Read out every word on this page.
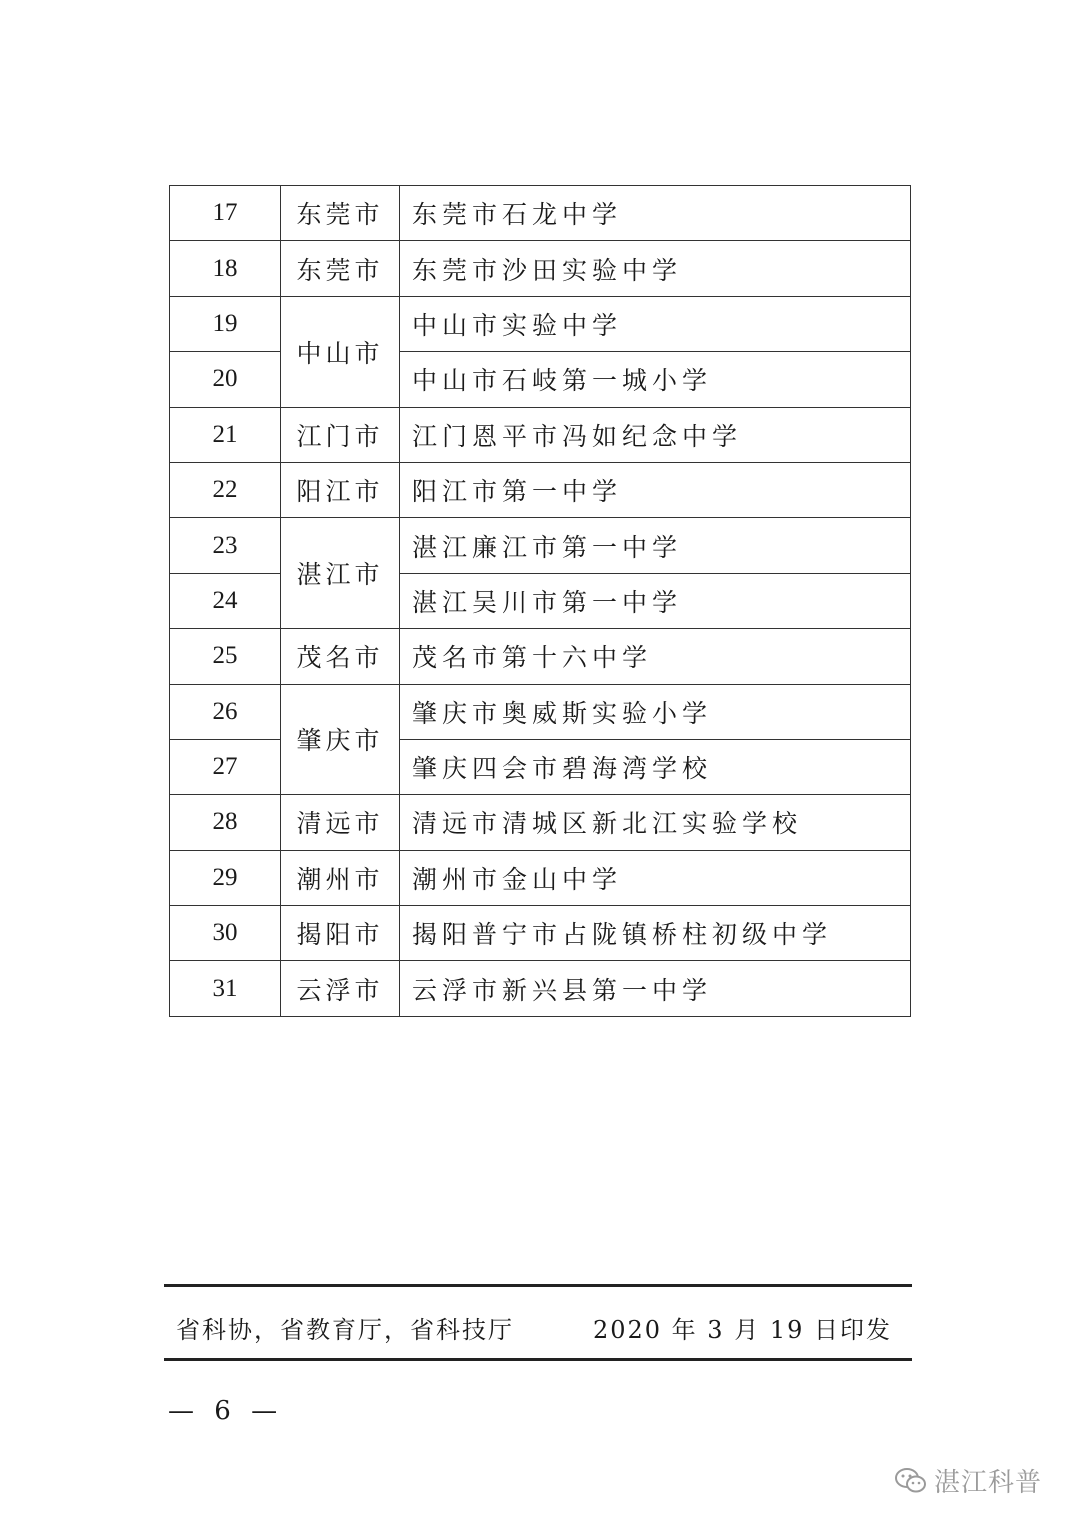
17	东莞市	东莞市石龙中学
18	东莞市	东莞市沙田实验中学
19	中山市	中山市实验中学
20		中山市石岐第一城小学
21	江门市	江门恩平市冯如纪念中学
22	阳江市	阳江市第一中学
23	湛江市	湛江廉江市第一中学
24		湛江吴川市第一中学
25	茂名市	茂名市第十六中学
26	肇庆市	肇庆市奥威斯实验小学
27		肇庆四会市碧海湾学校
28	清远市	清远市清城区新北江实验学校
29	潮州市	潮州市金山中学
30	揭阳市	揭阳普宁市占陇镇桥柱初级中学
31	云浮市	云浮市新兴县第一中学
省科协，省教育厅，省科技厅	2020 年 3 月 19 日印发
— 6 —
湛江科普
